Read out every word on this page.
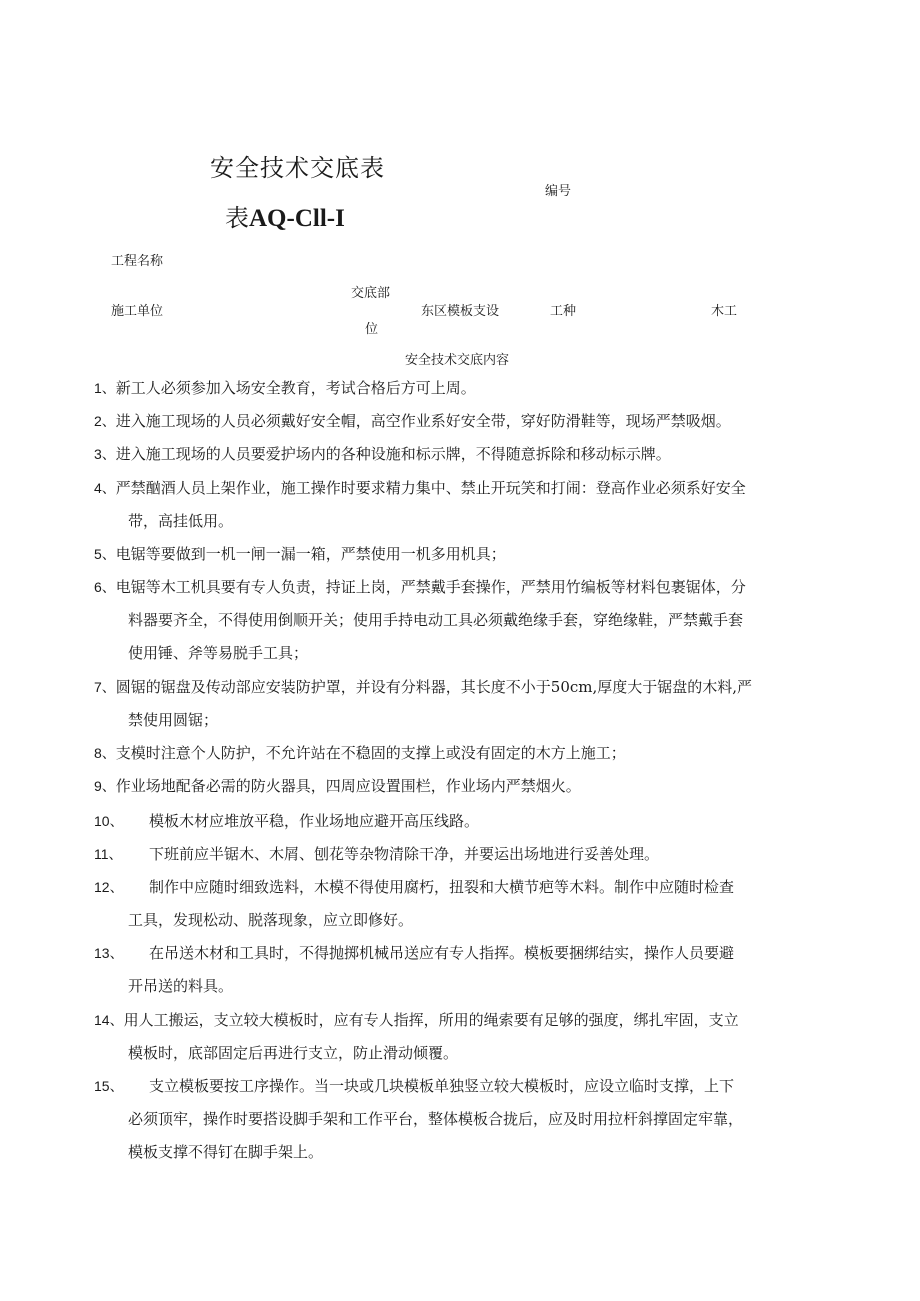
安全技术交底表
表AQ-Cll-I
编号
工程名称
施工单位
交底部
位
东区模板支设	工种	木工
安全技术交底内容
1、新工人必须参加入场安全教育，考试合格后方可上周。
2、进入施工现场的人员必须戴好安全帽，高空作业系好安全带，穿好防滑鞋等，现场严禁吸烟。
3、进入施工现场的人员要爱护场内的各种设施和标示牌，不得随意拆除和移动标示牌。
4、严禁酗酒人员上架作业，施工操作时要求精力集中、禁止开玩笑和打闹：登高作业必须系好安全
带，高挂低用。
5、电锯等要做到一机一闸一漏一箱，严禁使用一机多用机具；
6、电锯等木工机具要有专人负责，持证上岗，严禁戴手套操作，严禁用竹编板等材料包裹锯体，分
料器要齐全，不得使用倒顺开关；使用手持电动工具必须戴绝缘手套，穿绝缘鞋，严禁戴手套
使用锤、斧等易脱手工具；
7、圆锯的锯盘及传动部应安装防护罩，并设有分料器，其长度不小于50cm,厚度大于锯盘的木料,严
禁使用圆锯；
8、支模时注意个人防护，不允许站在不稳固的支撑上或没有固定的木方上施工；
9、作业场地配备必需的防火器具，四周应设置围栏，作业场内严禁烟火。
10、 模板木材应堆放平稳，作业场地应避开高压线路。
11、 下班前应半锯木、木屑、刨花等杂物清除干净，并要运出场地进行妥善处理。
12、 制作中应随时细致选料，木模不得使用腐朽，扭裂和大横节疤等木料。制作中应随时检查
工具，发现松动、脱落现象，应立即修好。
13、 在吊送木材和工具时，不得抛掷机械吊送应有专人指挥。模板要捆绑结实，操作人员要避
开吊送的料具。
14、用人工搬运，支立较大模板时，应有专人指挥，所用的绳索要有足够的强度，绑扎牢固，支立
模板时，底部固定后再进行支立，防止滑动倾覆。
15、 支立模板要按工序操作。当一块或几块模板单独竖立较大模板时，应设立临时支撑，上下
必须顶牢，操作时要搭设脚手架和工作平台，整体模板合拢后，应及时用拉杆斜撑固定牢靠，
模板支撑不得钉在脚手架上。
